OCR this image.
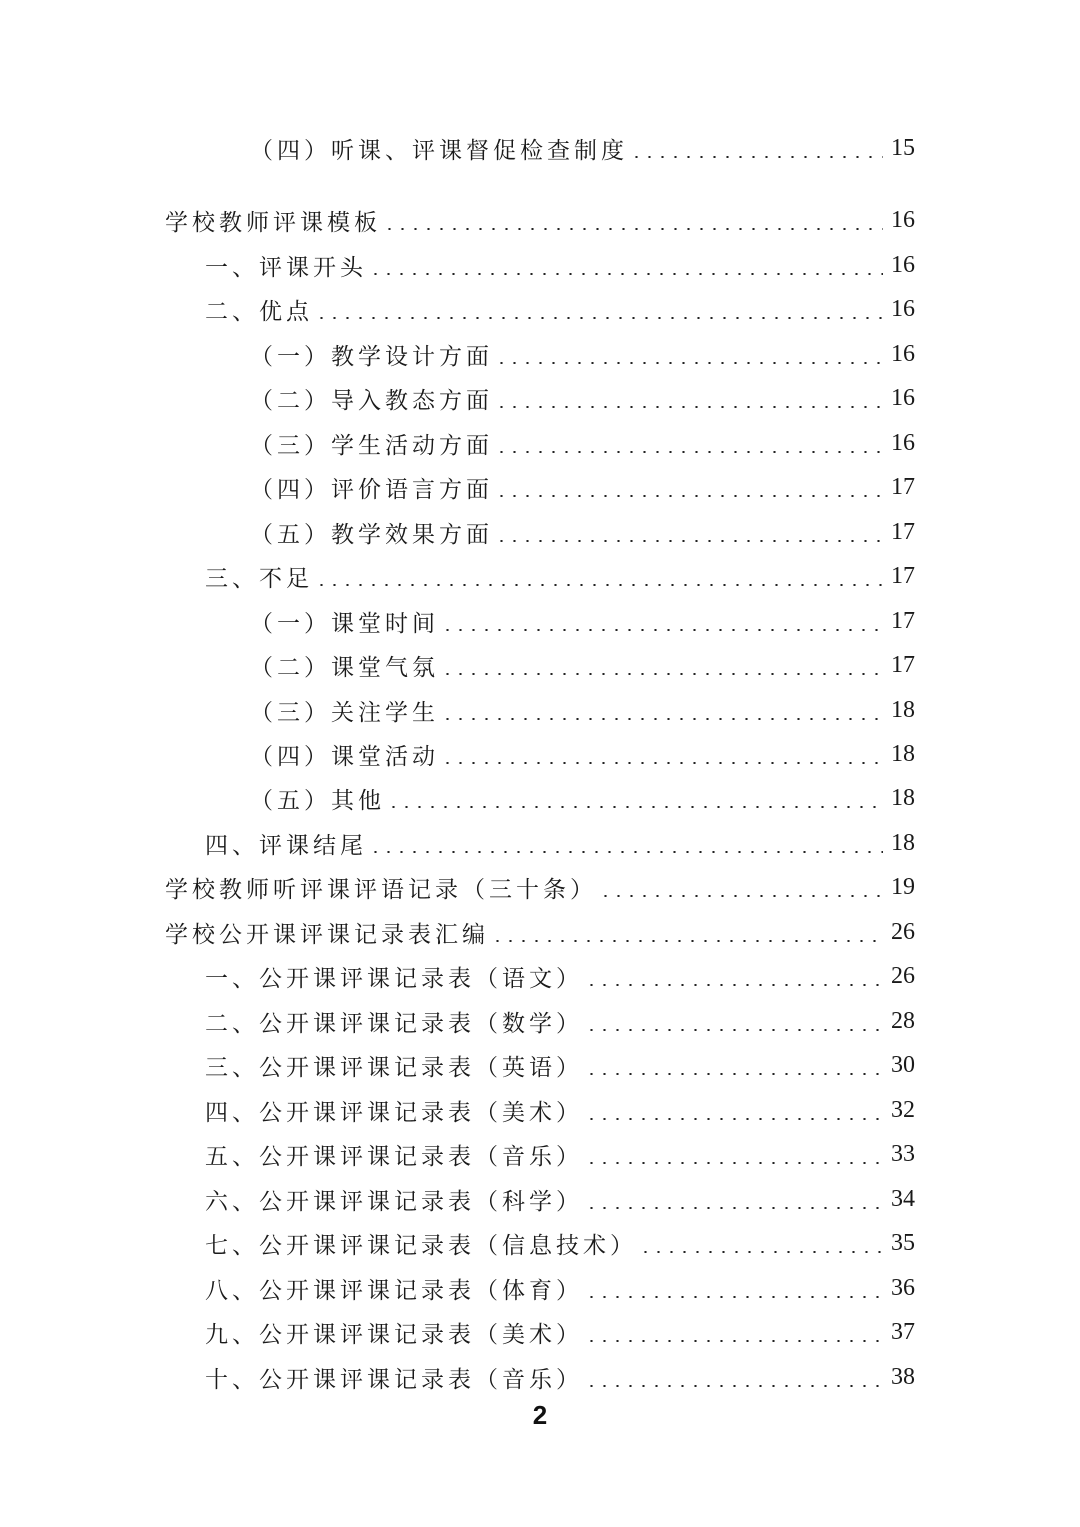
（四）听课、评课督促检查制度	15
学校教师评课模板	16
一、评课开头	16
二、优点	16
（一）教学设计方面	16
（二）导入教态方面	16
（三）学生活动方面	16
（四）评价语言方面	17
（五）教学效果方面	17
三、不足	17
（一）课堂时间	17
（二）课堂气氛	17
（三）关注学生	18
（四）课堂活动	18
（五）其他	18
四、评课结尾	18
学校教师听评课评语记录（三十条）	19
学校公开课评课记录表汇编	26
一、公开课评课记录表（语文）	26
二、公开课评课记录表（数学）	28
三、公开课评课记录表（英语）	30
四、公开课评课记录表（美术）	32
五、公开课评课记录表（音乐）	33
六、公开课评课记录表（科学）	34
七、公开课评课记录表（信息技术）	35
八、公开课评课记录表（体育）	36
九、公开课评课记录表（美术）	37
十、公开课评课记录表（音乐）	38
2
